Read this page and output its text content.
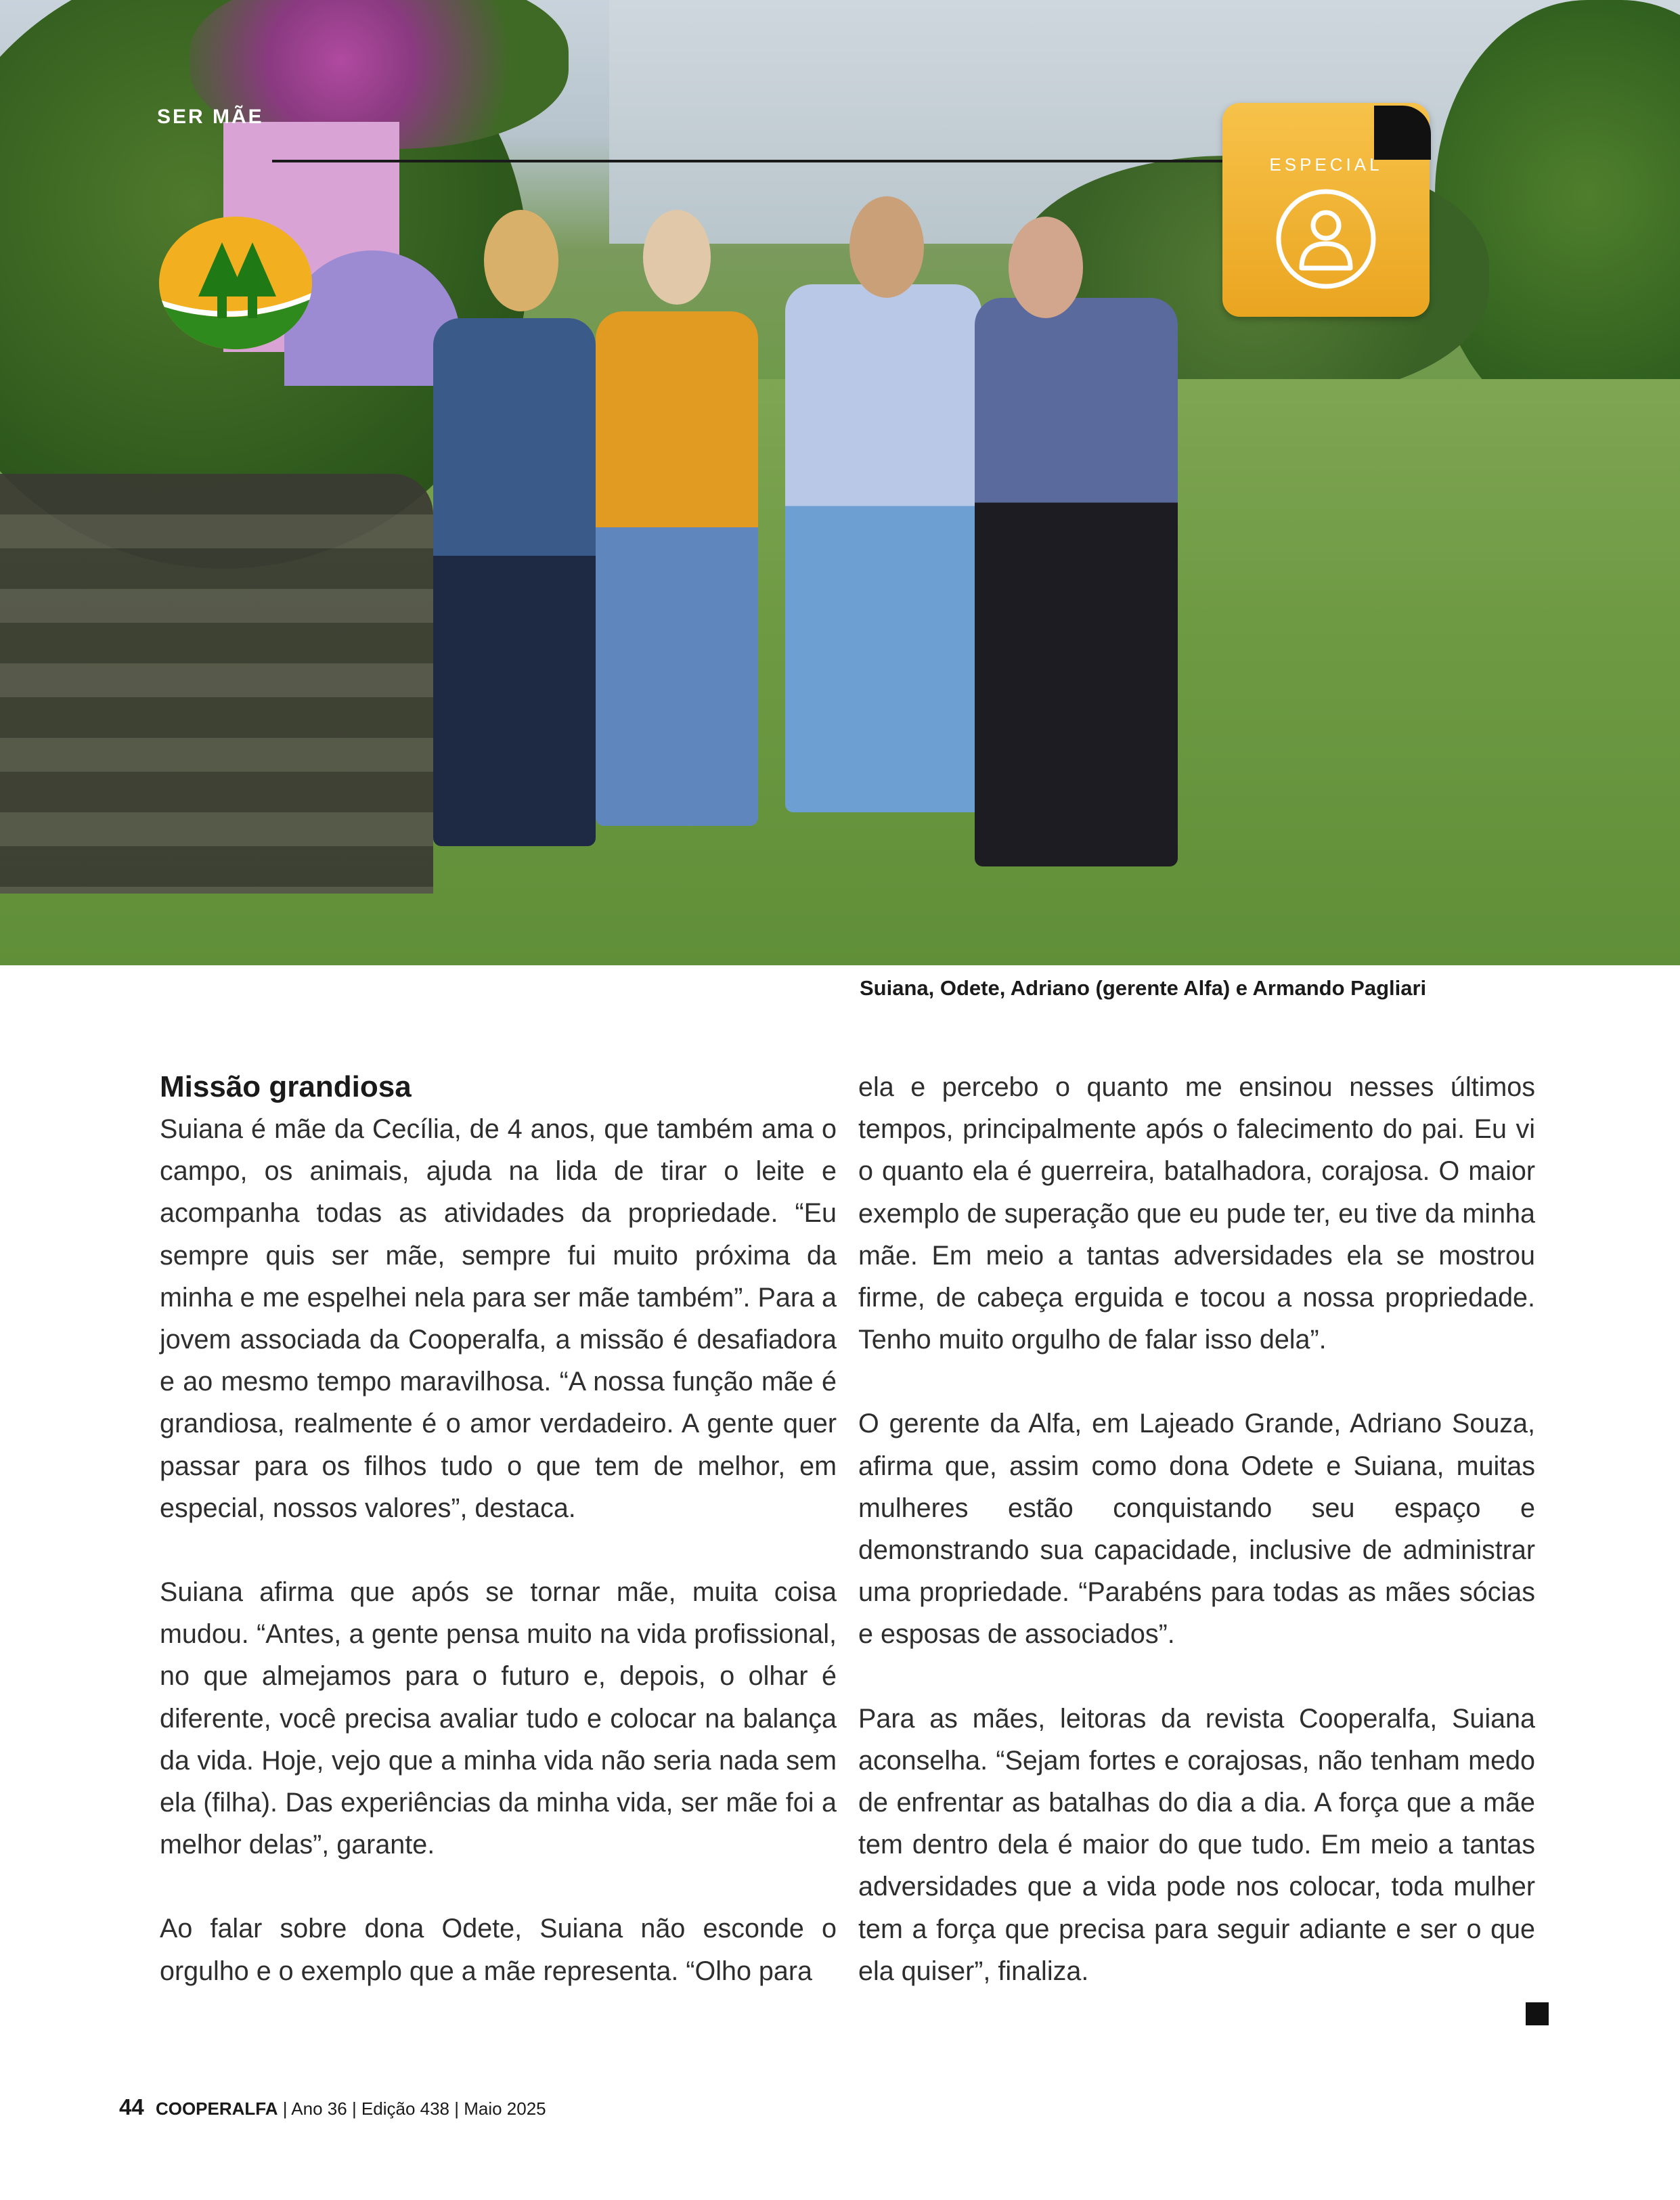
SER MÃE
ESPECIAL
Suiana, Odete, Adriano (gerente Alfa) e Armando Pagliari
Missão grandiosa
Suiana é mãe da Cecília, de 4 anos, que também ama o campo, os animais, ajuda na lida de tirar o leite e acompanha todas as atividades da propriedade. “Eu sempre quis ser mãe, sempre fui muito próxima da minha e me espelhei nela para ser mãe também”. Para a jovem associada da Cooperalfa, a missão é desafiadora e ao mesmo tempo maravilhosa. “A nossa função mãe é grandiosa, realmente é o amor verdadeiro. A gente quer passar para os filhos tudo o que tem de melhor, em especial, nossos valores”, destaca.
Suiana afirma que após se tornar mãe, muita coisa mudou. “Antes, a gente pensa muito na vida profissional, no que almejamos para o futuro e, depois, o olhar é diferente, você precisa avaliar tudo e colocar na balança da vida. Hoje, vejo que a minha vida não seria nada sem ela (filha). Das experiências da minha vida, ser mãe foi a melhor delas”, garante.
Ao falar sobre dona Odete, Suiana não esconde o orgulho e o exemplo que a mãe representa. “Olho para
ela e percebo o quanto me ensinou nesses últimos tempos, principalmente após o falecimento do pai. Eu vi o quanto ela é guerreira, batalhadora, corajosa. O maior exemplo de superação que eu pude ter, eu tive da minha mãe. Em meio a tantas adversidades ela se mostrou firme, de cabeça erguida e tocou a nossa propriedade. Tenho muito orgulho de falar isso dela”.
O gerente da Alfa, em Lajeado Grande, Adriano Souza, afirma que, assim como dona Odete e Suiana, muitas mulheres estão conquistando seu espaço e demonstrando sua capacidade, inclusive de administrar uma propriedade. “Parabéns para todas as mães sócias e esposas de associados”.
Para as mães, leitoras da revista Cooperalfa, Suiana aconselha. “Sejam fortes e corajosas, não tenham medo de enfrentar as batalhas do dia a dia. A força que a mãe tem dentro dela é maior do que tudo. Em meio a tantas adversidades que a vida pode nos colocar, toda mulher tem a força que precisa para seguir adiante e ser o que ela quiser”, finaliza.
44 COOPERALFA | Ano 36 | Edição 438 | Maio 2025
